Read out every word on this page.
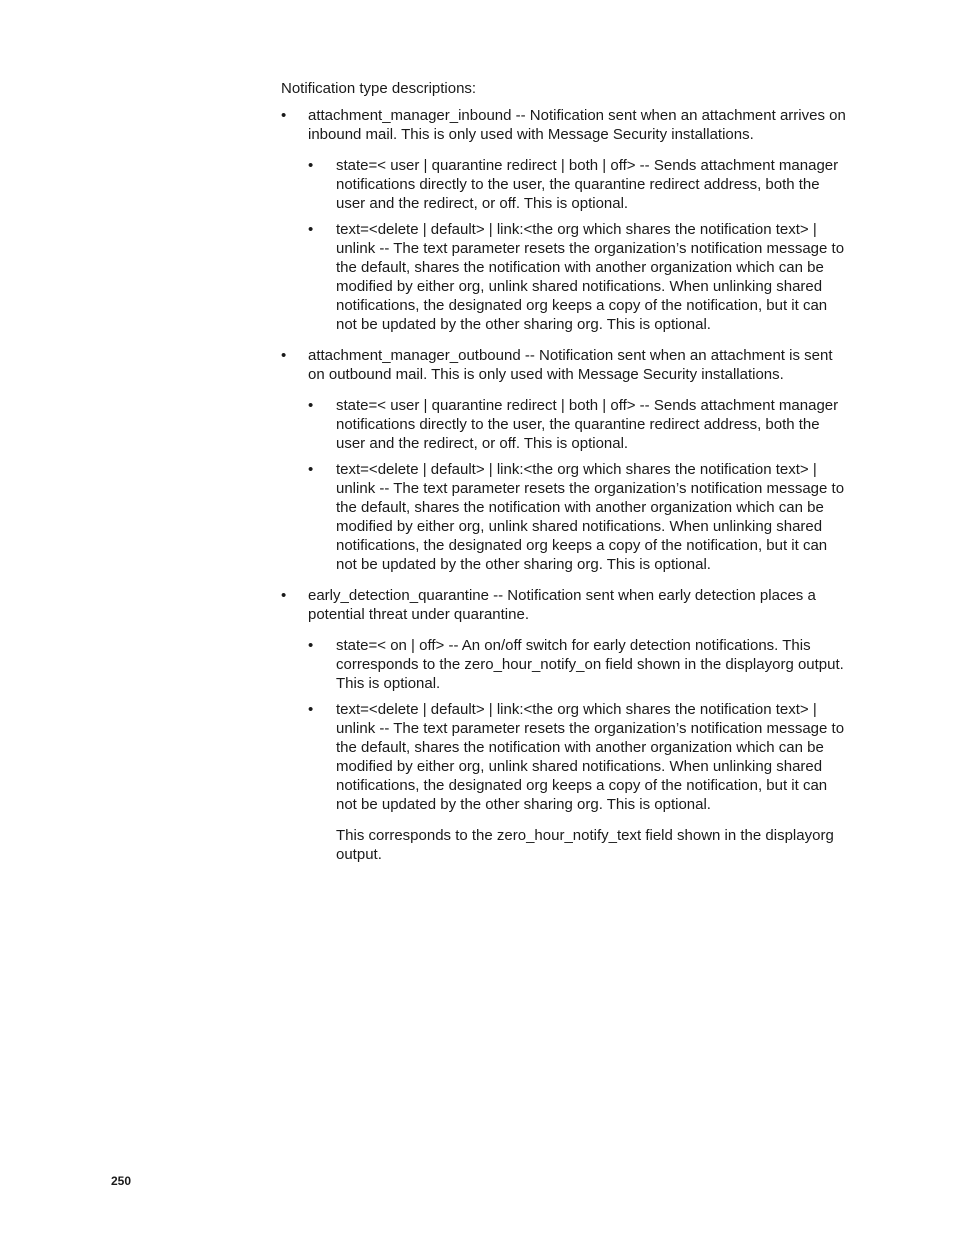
Notification type descriptions:

• attachment_manager_inbound -- Notification sent when an attachment arrives on inbound mail. This is only used with Message Security installations.
• state=< user | quarantine redirect | both | off> -- Sends attachment manager notifications directly to the user, the quarantine redirect address, both the user and the redirect, or off. This is optional.
• text=<delete | default> | link:<the org which shares the notification text> | unlink -- The text parameter resets the organization’s notification message to the default, shares the notification with another organization which can be modified by either org, unlink shared notifications. When unlinking shared notifications, the designated org keeps a copy of the notification, but it can not be updated by the other sharing org. This is optional.
• attachment_manager_outbound -- Notification sent when an attachment is sent on outbound mail. This is only used with Message Security installations.
• state=< user | quarantine redirect | both | off> -- Sends attachment manager notifications directly to the user, the quarantine redirect address, both the user and the redirect, or off. This is optional.
• text=<delete | default> | link:<the org which shares the notification text> | unlink -- The text parameter resets the organization’s notification message to the default, shares the notification with another organization which can be modified by either org, unlink shared notifications. When unlinking shared notifications, the designated org keeps a copy of the notification, but it can not be updated by the other sharing org. This is optional.
• early_detection_quarantine -- Notification sent when early detection places a potential threat under quarantine.
• state=< on | off> -- An on/off switch for early detection notifications. This corresponds to the zero_hour_notify_on field shown in the displayorg output. This is optional.
• text=<delete | default> | link:<the org which shares the notification text> | unlink -- The text parameter resets the organization’s notification message to the default, shares the notification with another organization which can be modified by either org, unlink shared notifications. When unlinking shared notifications, the designated org keeps a copy of the notification, but it can not be updated by the other sharing org. This is optional.

This corresponds to the zero_hour_notify_text field shown in the displayorg output.

250
